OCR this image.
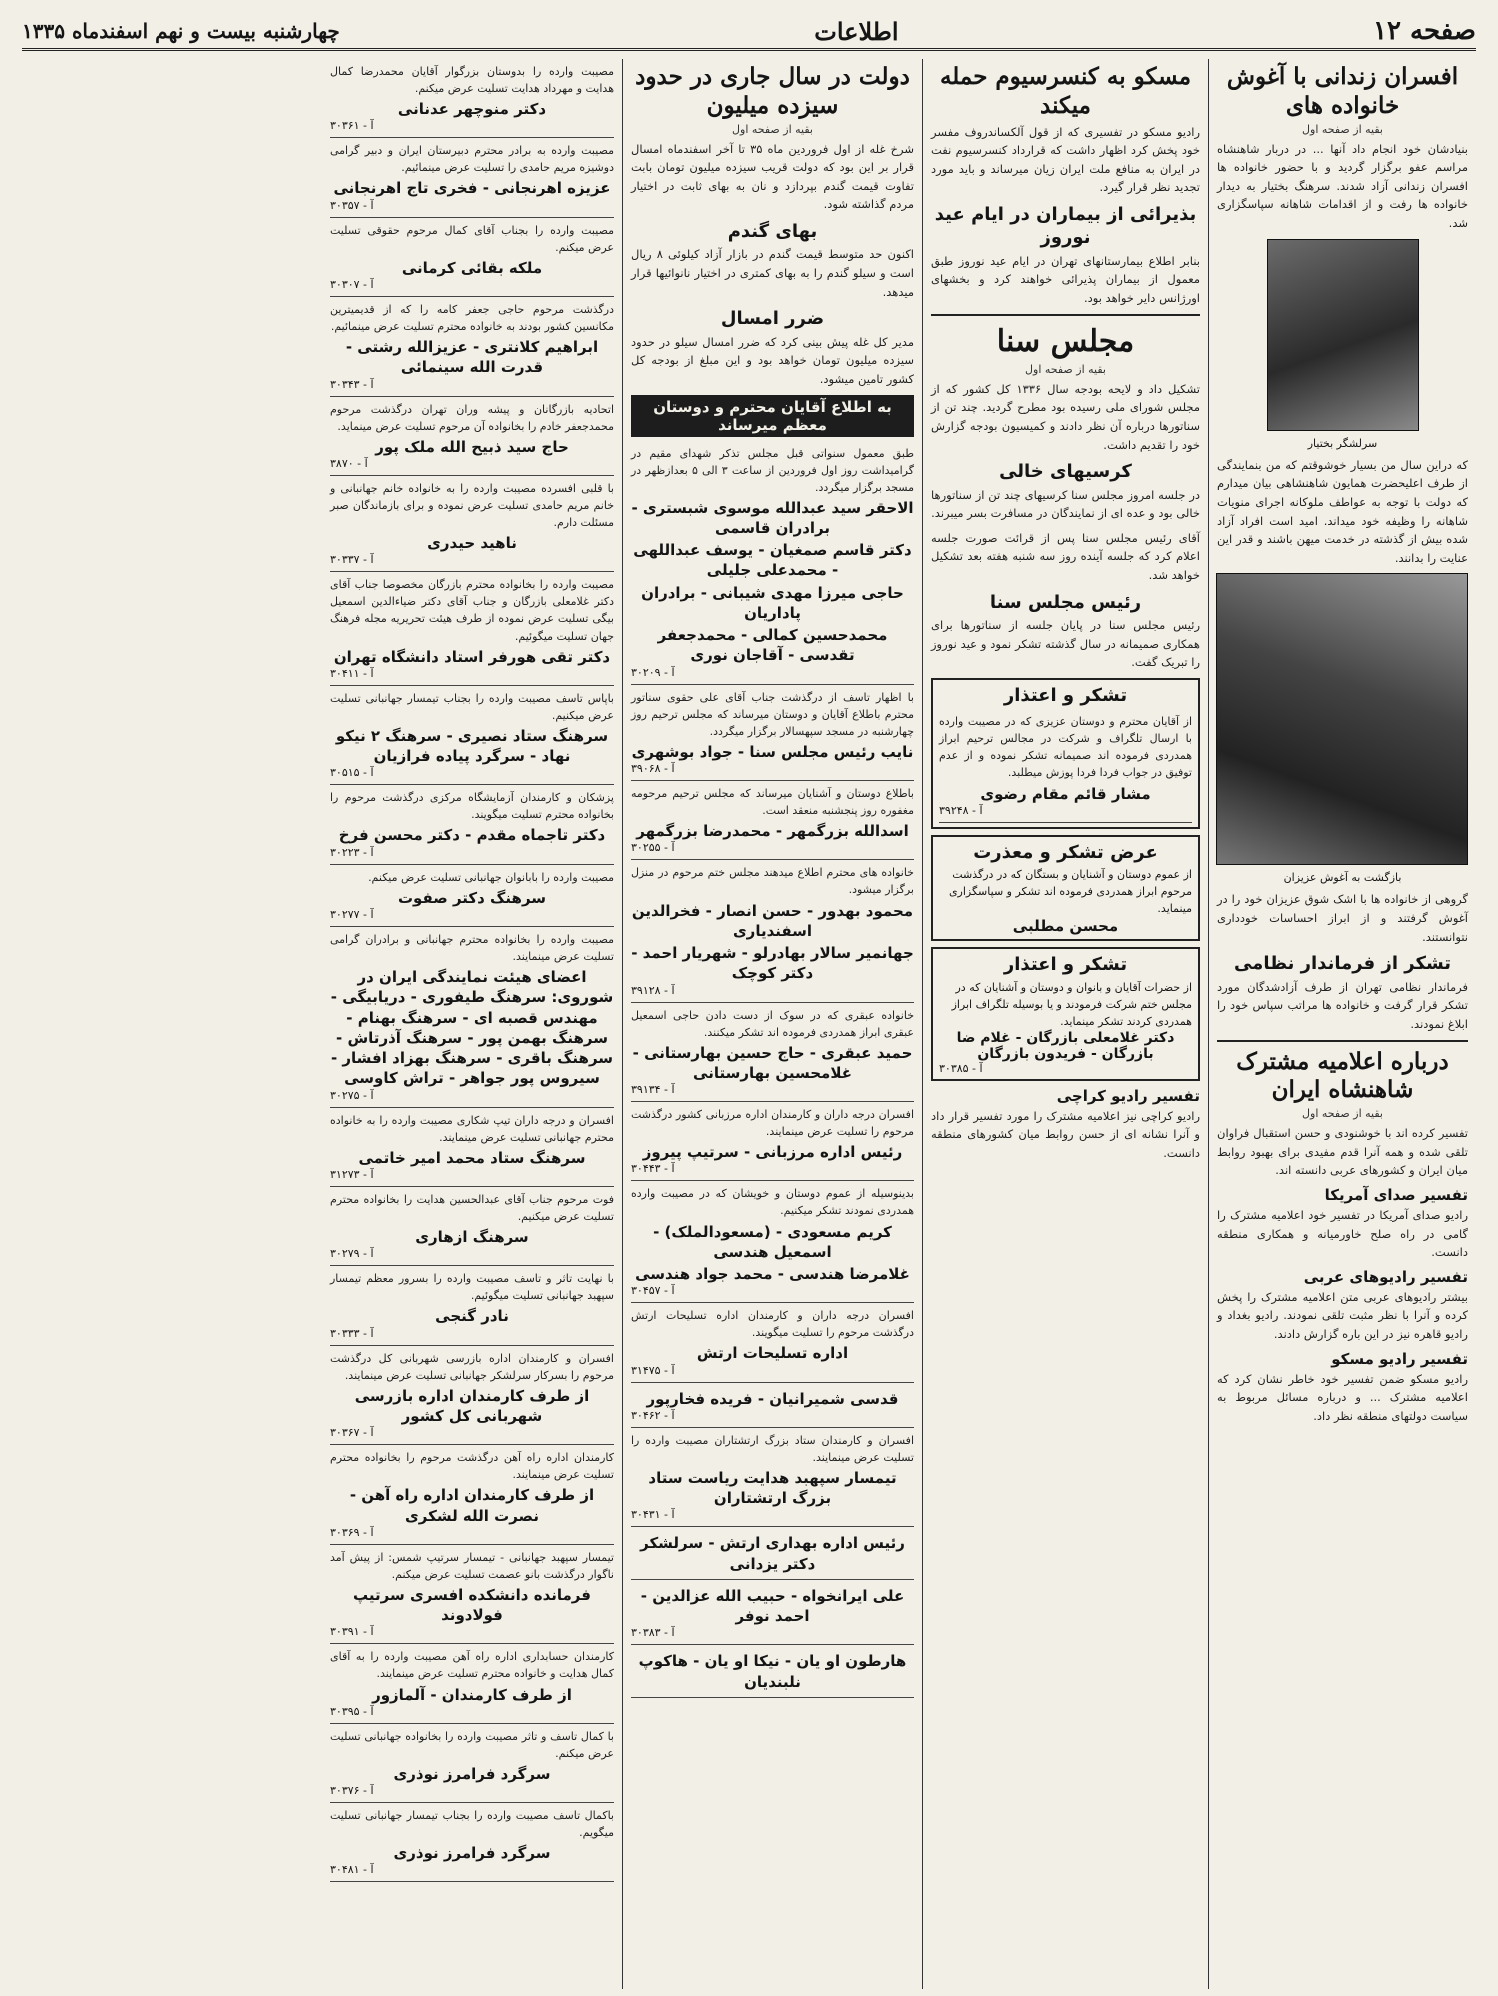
صفحه ۱۲
اطلاعات
چهارشنبه بیست و نهم اسفندماه ۱۳۳۵
افسران زندانی با آغوش خانواده های
بقیه از صفحه اول

بنیادشان خود انجام داد آنها ... در دربار شاهنشاه مراسم عفو برگزار گردید و با حضور خانواده ها افسران زندانی آزاد شدند. سرهنگ بختیار به دیدار خانواده ها رفت و از اقدامات شاهانه سپاسگزاری شد.

سرلشگر بختیار

که دراین سال من بسیار خوشوقتم که من بنمایندگی از طرف اعلیحضرت همایون شاهنشاهی بیان میدارم که دولت با توجه به عواطف ملوکانه اجرای منویات شاهانه را وظیفه خود میداند. امید است افراد آزاد شده بیش از گذشته در خدمت میهن باشند و قدر این عنایت را بدانند.

بازگشت به آغوش عزیزان

گروهی از خانواده ها با اشک شوق عزیزان خود را در آغوش گرفتند و از ابراز احساسات خودداری نتوانستند.

تشکر از فرماندار نظامی

فرماندار نظامی تهران از طرف آزادشدگان مورد تشکر قرار گرفت و خانواده ها مراتب سپاس خود را ابلاغ نمودند.

درباره اعلامیه مشترک شاهنشاه ایران
بقیه از صفحه اول

تفسیر کرده اند با خوشنودی و حسن استقبال فراوان تلقی شده و همه آنرا قدم مفیدی برای بهبود روابط میان ایران و کشورهای عربی دانسته اند.

تفسیر صدای آمریکا

رادیو صدای آمریکا در تفسیر خود اعلامیه مشترک را گامی در راه صلح خاورمیانه و همکاری منطقه دانست.

تفسیر رادیوهای عربی

بیشتر رادیوهای عربی متن اعلامیه مشترک را پخش کرده و آنرا با نظر مثبت تلقی نمودند. رادیو بغداد و رادیو قاهره نیز در این باره گزارش دادند.

تفسیر رادیو مسکو

رادیو مسکو ضمن تفسیر خود خاطر نشان کرد که اعلامیه مشترک ... و درباره مسائل مربوط به سیاست دولتهای منطقه نظر داد.

مسکو به کنسرسیوم حمله میکند

رادیو مسکو در تفسیری که از قول آلکساندروف مفسر خود پخش کرد اظهار داشت که قرارداد کنسرسیوم نفت در ایران به منافع ملت ایران زیان میرساند و باید مورد تجدید نظر قرار گیرد.

بذیرائی از بیماران در ایام عید نوروز

بنابر اطلاع بیمارستانهای تهران در ایام عید نوروز طبق معمول از بیماران پذیرائی خواهند کرد و بخشهای اورژانس دایر خواهد بود.

مجلس سنا
بقیه از صفحه اول

تشکیل داد و لایحه بودجه سال ۱۳۳۶ کل کشور که از مجلس شورای ملی رسیده بود مطرح گردید. چند تن از سناتورها درباره آن نظر دادند و کمیسیون بودجه گزارش خود را تقدیم داشت.

کرسیهای خالی

در جلسه امروز مجلس سنا کرسیهای چند تن از سناتورها خالی بود و عده ای از نمایندگان در مسافرت بسر میبرند.

آقای رئیس مجلس سنا پس از قرائت صورت جلسه اعلام کرد که جلسه آینده روز سه شنبه هفته بعد تشکیل خواهد شد.

رئیس مجلس سنا

رئیس مجلس سنا در پایان جلسه از سناتورها برای همکاری صمیمانه در سال گذشته تشکر نمود و عید نوروز را تبریک گفت.

تشکر و اعتذار
از آقایان محترم و دوستان عزیزی که در مصیبت وارده با ارسال تلگراف و شرکت در مجالس ترحیم ابراز همدردی فرموده اند صمیمانه تشکر نموده و از عدم توفیق در جواب فردا فردا پوزش میطلبد.
مشار قائم مقام رضوی
آ - ۳۹۲۴۸
عرض تشکر و معذرت
از عموم دوستان و آشنایان و بستگان که در درگذشت مرحوم ابراز همدردی فرموده اند تشکر و سپاسگزاری مینماید.
محسن مطلبی
تشکر و اعتذار
از حضرات آقایان و بانوان و دوستان و آشنایان که در مجلس ختم شرکت فرمودند و یا بوسیله تلگراف ابراز همدردی کردند تشکر مینماید.
دکتر غلامعلی بازرگان - غلام ضا بازرگان - فریدون بازرگان
آ - ۳۰۳۸۵
تفسیر رادیو کراچی

رادیو کراچی نیز اعلامیه مشترک را مورد تفسیر قرار داد و آنرا نشانه ای از حسن روابط میان کشورهای منطقه دانست.

دولت در سال جاری در حدود سیزده میلیون
بقیه از صفحه اول

شرخ غله از اول فروردین ماه ۳۵ تا آخر اسفندماه امسال قرار بر این بود که دولت قریب سیزده میلیون تومان بابت تفاوت قیمت گندم بپردازد و نان به بهای ثابت در اختیار مردم گذاشته شود.

بهای گندم

اکنون حد متوسط قیمت گندم در بازار آزاد کیلوئی ۸ ریال است و سیلو گندم را به بهای کمتری در اختیار نانوائیها قرار میدهد.

ضرر امسال

مدیر کل غله پیش بینی کرد که ضرر امسال سیلو در حدود سیزده میلیون تومان خواهد بود و این مبلغ از بودجه کل کشور تامین میشود.

به اطلاع آقایان محترم و دوستان معظم میرساند
طبق معمول سنواتی قبل مجلس تذکر شهدای مقیم در گرامیداشت روز اول فروردین از ساعت ۳ الی ۵ بعدازظهر در مسجد برگزار میگردد.
الاحقر سید عبدالله موسوی شبستری - برادران قاسمی
دکتر قاسم صمغیان - یوسف عبداللهی - محمدعلی جلیلی
حاجی میرزا مهدی شیبانی - برادران پاداریان
محمدحسین کمالی - محمدجعفر تقدسی - آقاجان نوری
آ - ۳۰۲۰۹
با اظهار تاسف از درگذشت جناب آقای علی حقوی سناتور محترم باطلاع آقایان و دوستان میرساند که مجلس ترحیم روز چهارشنبه در مسجد سپهسالار برگزار میگردد.
نایب رئیس مجلس سنا - جواد بوشهری
آ - ۳۹۰۶۸
باطلاع دوستان و آشنایان میرساند که مجلس ترحیم مرحومه مغفوره روز پنجشنبه منعقد است.
اسدالله بزرگمهر - محمدرضا بزرگمهر
آ - ۳۰۲۵۵
خانواده های محترم اطلاع میدهند مجلس ختم مرحوم در منزل برگزار میشود.
محمود بهدور - حسن انصار - فخرالدین اسفندیاری
جهانمیر سالار بهادرلو - شهریار احمد - دکتر کوچک
آ - ۳۹۱۲۸
خانواده عبقری که در سوک از دست دادن حاجی اسمعیل عبقری ابراز همدردی فرموده اند تشکر میکنند.
حمید عبقری - حاج حسین بهارستانی - غلامحسین بهارستانی
آ - ۳۹۱۳۴
افسران درجه داران و کارمندان اداره مرزبانی کشور درگذشت مرحوم را تسلیت عرض مینمایند.
رئیس اداره مرزبانی - سرتیپ پیروز
آ - ۳۰۴۴۳
بدینوسیله از عموم دوستان و خویشان که در مصیبت وارده همدردی نمودند تشکر میکنیم.
کریم مسعودی - (مسعودالملک) - اسمعیل هندسی
غلامرضا هندسی - محمد جواد هندسی
آ - ۳۰۴۵۷
افسران درجه داران و کارمندان اداره تسلیحات ارتش درگذشت مرحوم را تسلیت میگویند.
اداره تسلیحات ارتش
آ - ۳۱۴۷۵
قدسی شمیرانیان - فریده فخارپور
آ - ۳۰۴۶۲
افسران و کارمندان ستاد بزرگ ارتشتاران مصیبت وارده را تسلیت عرض مینمایند.
تیمسار سپهبد هدایت ریاست ستاد بزرگ ارتشتاران
آ - ۳۰۴۳۱
رئیس اداره بهداری ارتش - سرلشکر دکتر یزدانی
علی ایرانخواه - حبیب الله عزالدین - احمد نوفر
آ - ۳۰۳۸۳
هارطون او یان - نیکا او یان - هاکوپ نلبندیان
مصیبت وارده را بدوستان بزرگوار آقایان محمدرضا کمال هدایت و مهرداد هدایت تسلیت عرض میکنم.
دکتر منوچهر عدنانی
آ - ۳۰۳۶۱
مصیبت وارده به برادر محترم دبیرستان ایران و دبیر گرامی دوشیزه مریم حامدی را تسلیت عرض مینمائیم.
عزیزه اهرنجانی - فخری تاج اهرنجانی
آ - ۳۰۳۵۷
مصیبت وارده را بجناب آقای کمال مرحوم حقوقی تسلیت عرض میکنم.
ملکه بقائی کرمانی
آ - ۳۰۳۰۷
درگذشت مرحوم حاجی جعفر کامه را که از قدیمیترین مکانسین کشور بودند به خانواده محترم تسلیت عرض مینمائیم.
ابراهیم کلانتری - عزیزالله رشتی - قدرت الله سینمائی
آ - ۳۰۳۴۳
اتحادیه بازرگانان و پیشه وران تهران درگذشت مرحوم محمدجعفر خادم را بخانواده آن مرحوم تسلیت عرض مینماید.
حاج سید ذبیح الله ملک پور
آ - ۳۸۷۰
با قلبی افسرده مصیبت وارده را به خانواده خانم جهانبانی و خانم مریم حامدی تسلیت عرض نموده و برای بازماندگان صبر مسئلت دارم.
ناهید حیدری
آ - ۳۰۳۳۷
مصیبت وارده را بخانواده محترم بازرگان مخصوصا جناب آقای دکتر غلامعلی بازرگان و جناب آقای دکتر ضیاءالدین اسمعیل بیگی تسلیت عرض نموده از طرف هیئت تحریریه مجله فرهنگ جهان تسلیت میگوئیم.
دکتر تقی هورفر استاد دانشگاه تهران
آ - ۳۰۴۱۱
باپاس تاسف مصیبت وارده را بجناب تیمسار جهانبانی تسلیت عرض میکنیم.
سرهنگ ستاد نصیری - سرهنگ ۲ نیکو نهاد - سرگرد پیاده فرازیان
آ - ۳۰۵۱۵
پزشکان و کارمندان آزمایشگاه مرکزی درگذشت مرحوم را بخانواده محترم تسلیت میگویند.
دکتر تاجماه مقدم - دکتر محسن فرخ
آ - ۳۰۲۲۳
مصیبت وارده را بابانوان جهانبانی تسلیت عرض میکنم.
سرهنگ دکتر صفوت
آ - ۳۰۲۷۷
مصیبت وارده را بخانواده محترم جهانبانی و برادران گرامی تسلیت عرض مینمایند.
اعضای هیئت نمایندگی ایران در شوروی: سرهنگ طیفوری - دریابیگی - مهندس قصبه ای - سرهنگ بهنام - سرهنگ بهمن پور - سرهنگ آذرتاش - سرهنگ باقری - سرهنگ بهزاد افشار - سیروس پور جواهر - تراش کاوسی
آ - ۳۰۲۷۵
افسران و درجه داران تیپ شکاری مصیبت وارده را به خانواده محترم جهانبانی تسلیت عرض مینمایند.
سرهنگ ستاد محمد امیر خاتمی
آ - ۳۱۲۷۳
فوت مرحوم جناب آقای عبدالحسین هدایت را بخانواده محترم تسلیت عرض میکنیم.
سرهنگ ازهاری
آ - ۳۰۲۷۹
با نهایت تاثر و تاسف مصیبت وارده را بسرور معظم تیمسار سپهبد جهانبانی تسلیت میگوئیم.
نادر گنجی
آ - ۳۰۳۳۳
افسران و کارمندان اداره بازرسی شهربانی کل درگذشت مرحوم را بسرکار سرلشکر جهانبانی تسلیت عرض مینمایند.
از طرف کارمندان اداره بازرسی شهربانی کل کشور
آ - ۳۰۳۶۷
کارمندان اداره راه آهن درگذشت مرحوم را بخانواده محترم تسلیت عرض مینمایند.
از طرف کارمندان اداره راه آهن - نصرت الله لشکری
آ - ۳۰۳۶۹
تیمسار سپهبد جهانبانی - تیمسار سرتیپ شمس: از پیش آمد ناگوار درگذشت بانو عصمت تسلیت عرض میکنم.
فرمانده دانشکده افسری سرتیپ فولادوند
آ - ۳۰۳۹۱
کارمندان حسابداری اداره راه آهن مصیبت وارده را به آقای کمال هدایت و خانواده محترم تسلیت عرض مینمایند.
از طرف کارمندان - آلمازور
آ - ۳۰۳۹۵
با کمال تاسف و تاثر مصیبت وارده را بخانواده جهانبانی تسلیت عرض میکنم.
سرگرد فرامرز نوذری
آ - ۳۰۳۷۶
باکمال تاسف مصیبت وارده را بجناب تیمسار جهانبانی تسلیت میگویم.
سرگرد فرامرز نوذری
آ - ۳۰۴۸۱
